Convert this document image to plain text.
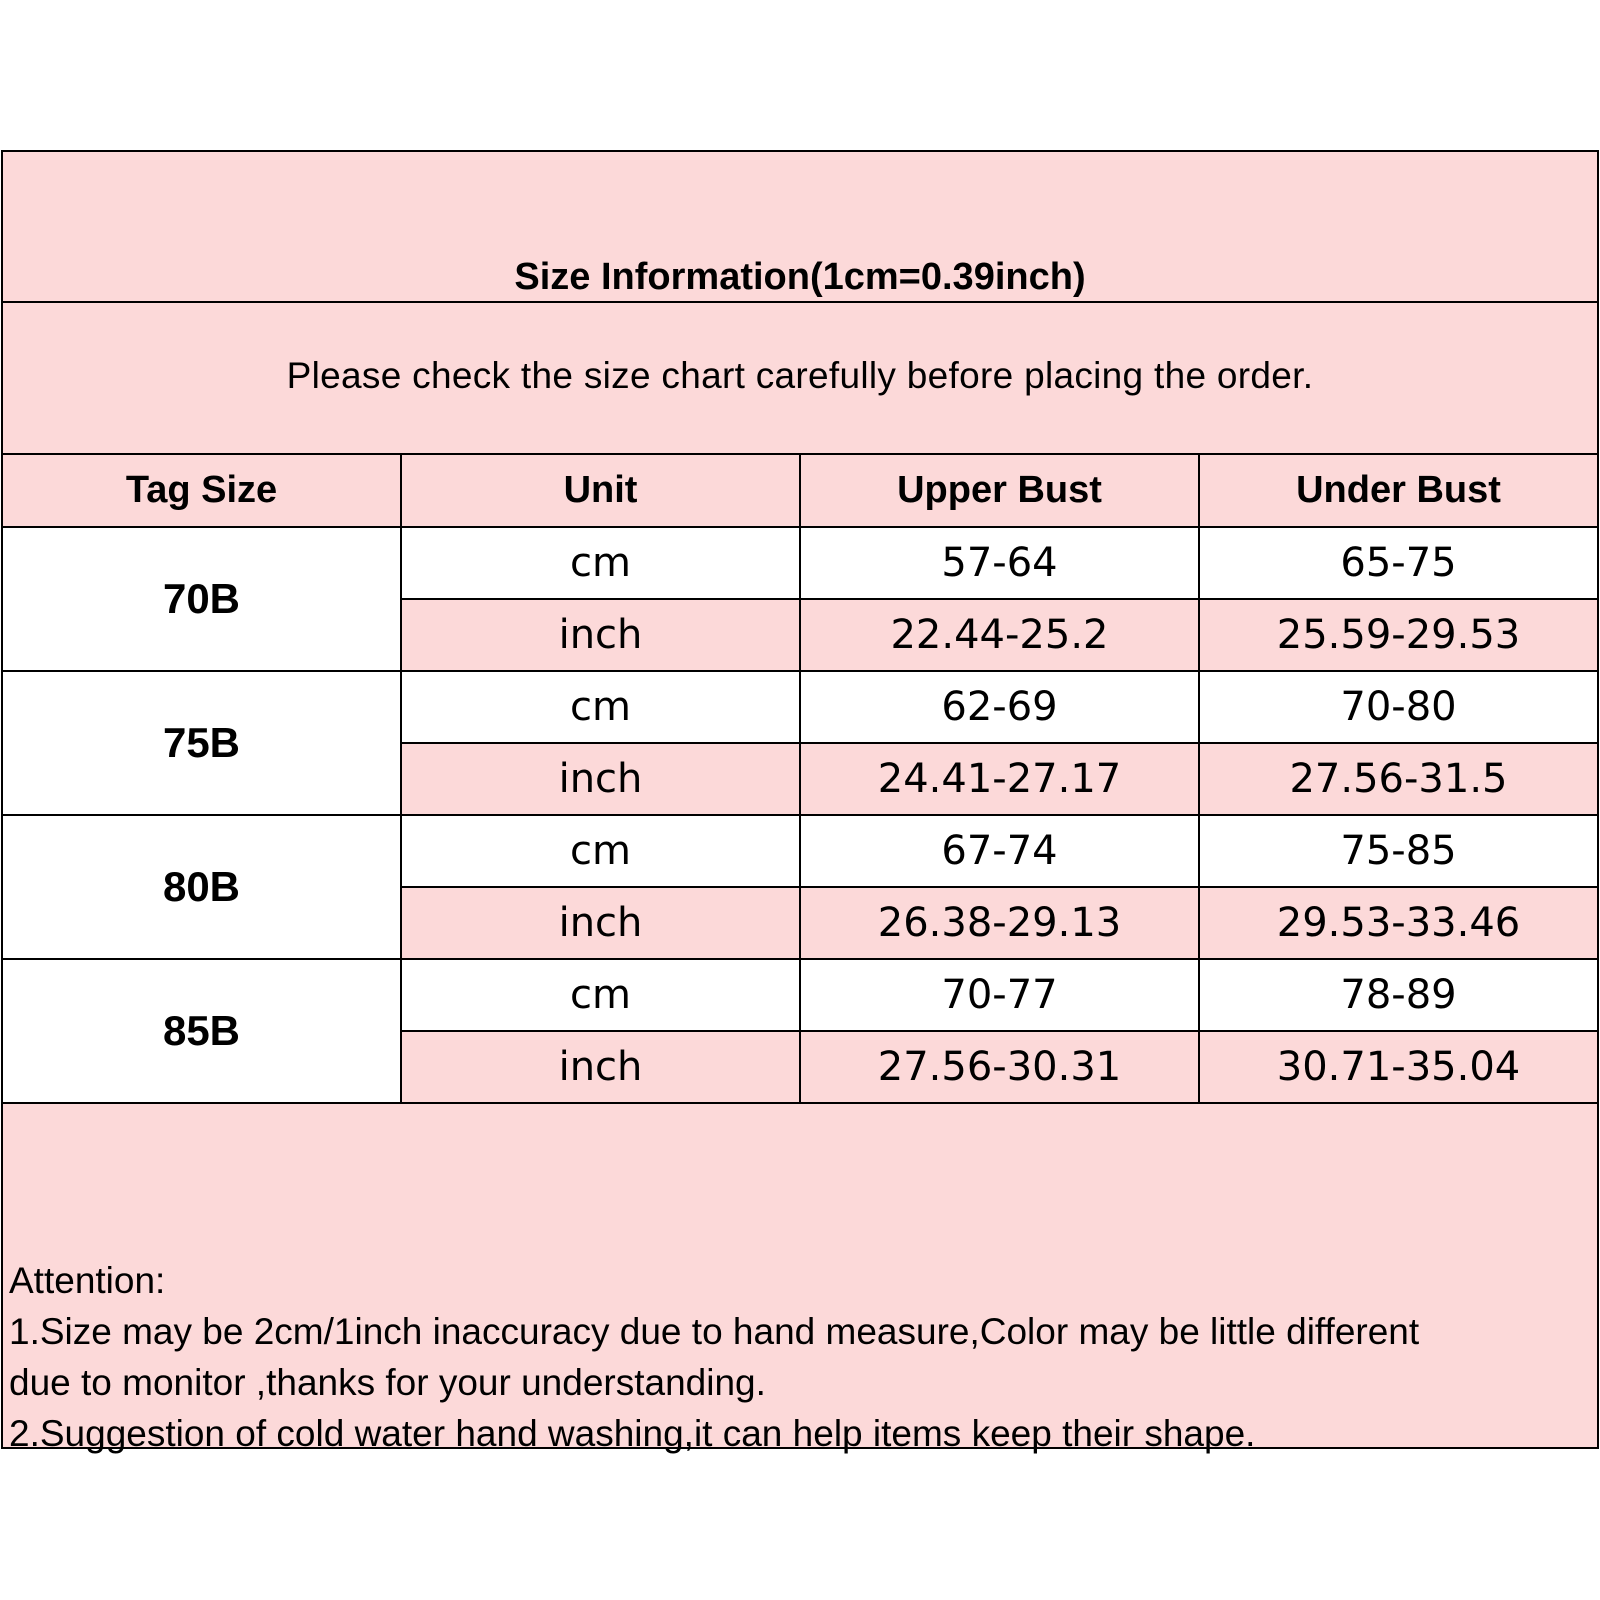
Size Information(1cm=0.39inch)
Please check the size chart carefully before placing the order.
Tag Size	Unit	Upper Bust	Under Bust
70B	cm	57-64	65-75
	inch	22.44-25.2	25.59-29.53
75B	cm	62-69	70-80
	inch	24.41-27.17	27.56-31.5
80B	cm	67-74	75-85
	inch	26.38-29.13	29.53-33.46
85B	cm	70-77	78-89
	inch	27.56-30.31	30.71-35.04
Attention:
1.Size may be 2cm/1inch inaccuracy due to hand measure,Color may be little different
due to monitor ,thanks for your understanding.
2.Suggestion of cold water hand washing,it can help items keep their shape.
